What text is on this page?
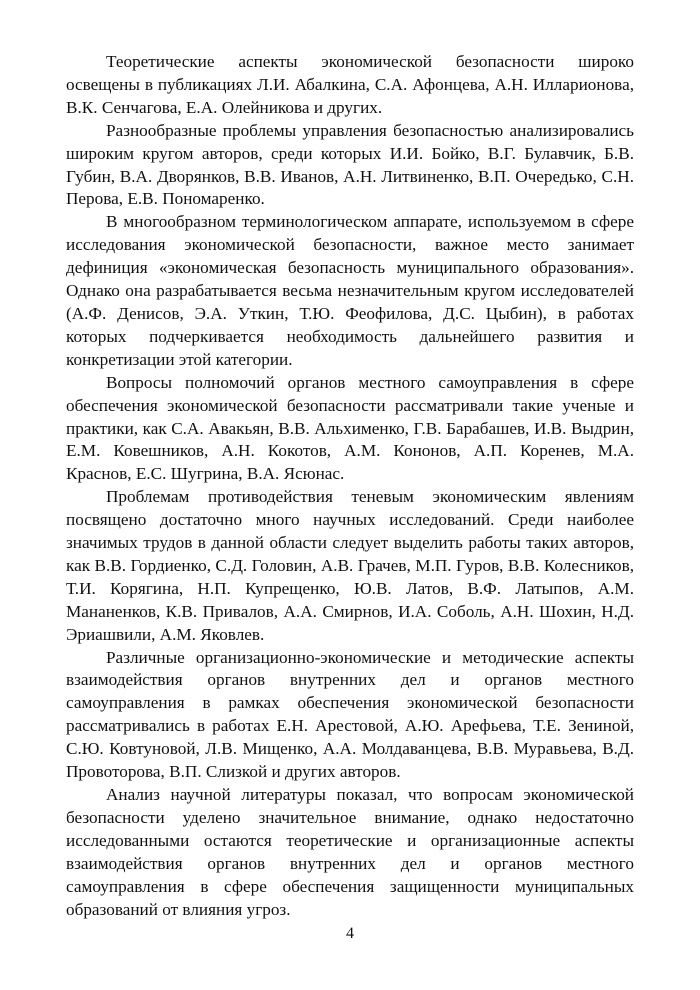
Теоретические аспекты экономической безопасности широко освещены в публикациях Л.И. Абалкина, С.А. Афонцева, А.Н. Илларионова, В.К. Сенчагова, Е.А. Олейникова и других.

Разнообразные проблемы управления безопасностью анализировались широким кругом авторов, среди которых И.И. Бойко, В.Г. Булавчик, Б.В. Губин, В.А. Дворянков, В.В. Иванов, А.Н. Литвиненко, В.П. Очередько, С.Н. Перова, Е.В. Пономаренко.

В многообразном терминологическом аппарате, используемом в сфере исследования экономической безопасности, важное место занимает дефиниция «экономическая безопасность муниципального образования». Однако она разрабатывается весьма незначительным кругом исследователей (А.Ф. Денисов, Э.А. Уткин, Т.Ю. Феофилова, Д.С. Цыбин), в работах которых подчеркивается необходимость дальнейшего развития и конкретизации этой категории.

Вопросы полномочий органов местного самоуправления в сфере обеспечения экономической безопасности рассматривали такие ученые и практики, как С.А. Авакьян, В.В. Альхименко, Г.В. Барабашев, И.В. Выдрин, Е.М. Ковешников, А.Н. Кокотов, А.М. Кононов, А.П. Коренев, М.А. Краснов, Е.С. Шугрина, В.А. Ясюнас.

Проблемам противодействия теневым экономическим явлениям посвящено достаточно много научных исследований. Среди наиболее значимых трудов в данной области следует выделить работы таких авторов, как В.В. Гордиенко, С.Д. Головин, А.В. Грачев, М.П. Гуров, В.В. Колесников, Т.И. Корягина, Н.П. Купрещенко, Ю.В. Латов, В.Ф. Латыпов, А.М. Мананенков, К.В. Привалов, А.А. Смирнов, И.А. Соболь, А.Н. Шохин, Н.Д. Эриашвили, А.М. Яковлев.

Различные организационно-экономические и методические аспекты взаимодействия органов внутренних дел и органов местного самоуправления в рамках обеспечения экономической безопасности рассматривались в работах Е.Н. Арестовой, А.Ю. Арефьева, Т.Е. Зениной, С.Ю. Ковтуновой, Л.В. Мищенко, А.А. Молдаванцева, В.В. Муравьева, В.Д. Провоторова, В.П. Слизкой и других авторов.

Анализ научной литературы показал, что вопросам экономической безопасности уделено значительное внимание, однако недостаточно исследованными остаются теоретические и организационные аспекты взаимодействия органов внутренних дел и органов местного самоуправления в сфере обеспечения защищенности муниципальных образований от влияния угроз.

4
